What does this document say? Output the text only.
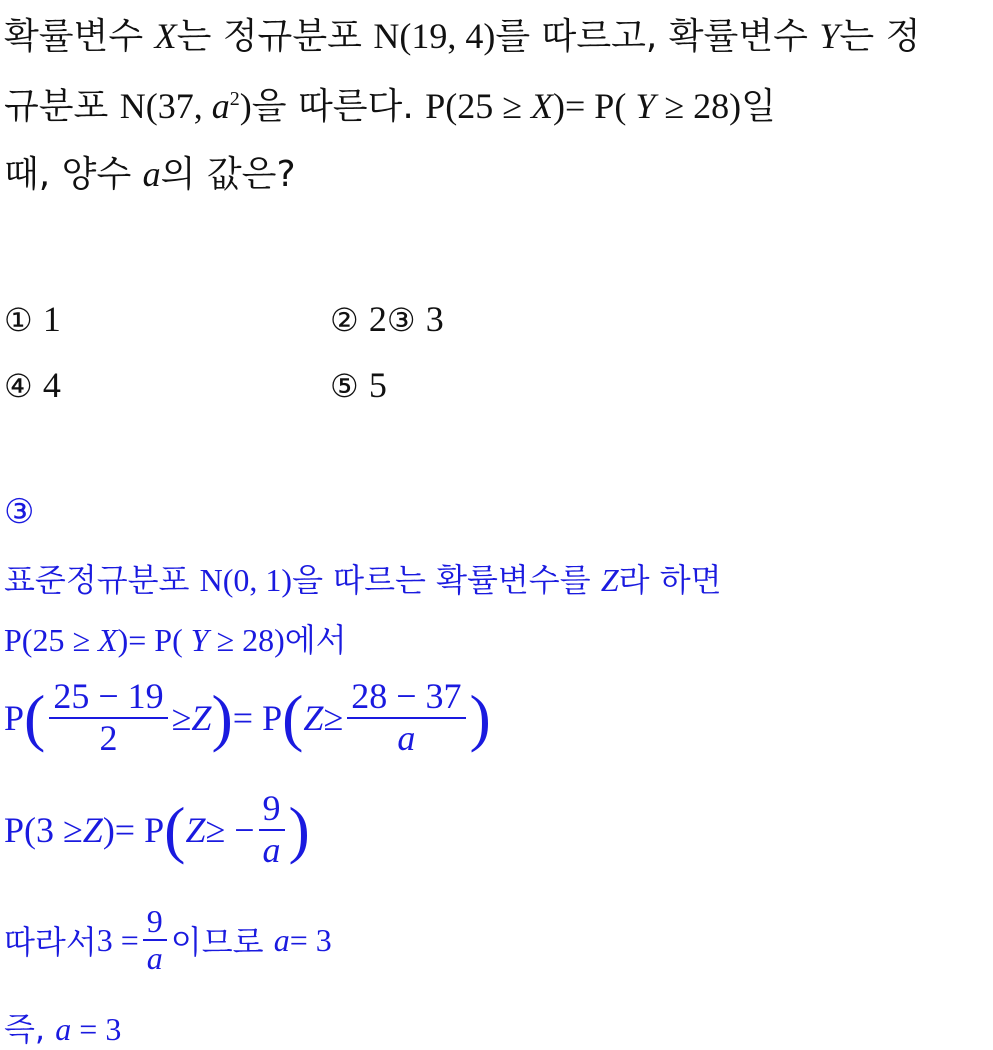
확률변수 X는 정규분포 N(19, 4)를 따르고, 확률변수 Y는 정
규분포 N(37, $a^2$)을 따른다. P(25 ≥ X)= P( Y ≥ 28)일
때, 양수 a의 값은?
① 1	② 2③ 3
④ 4	⑤ 5
③
표준정규분포 N(0, 1)을 따르는 확률변수를 Z라 하면
P(25 ≥ X)= P( Y ≥ 28)에서
P ( $\frac{25 - 19}{2} \ge Z$ ) = P ( $Z \ge \frac{28 - 37}{a}$ )
P(3 ≥ Z )= P ( Z ≥ − $\frac{9}{a}$ )
따라서 $3 = \frac{9}{a}$ 이므로
a = 3
즉, a = 3
